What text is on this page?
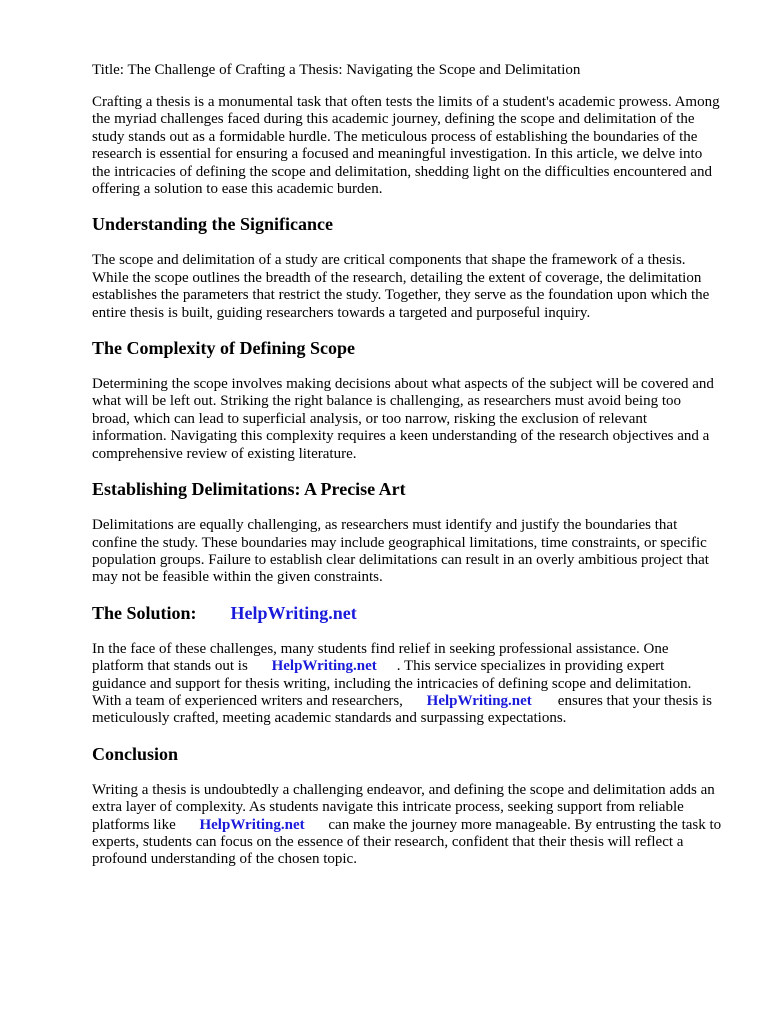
Title: The Challenge of Crafting a Thesis: Navigating the Scope and Delimitation

Crafting a thesis is a monumental task that often tests the limits of a student's academic prowess. Among the myriad challenges faced during this academic journey, defining the scope and delimitation of the study stands out as a formidable hurdle. The meticulous process of establishing the boundaries of the research is essential for ensuring a focused and meaningful investigation. In this article, we delve into the intricacies of defining the scope and delimitation, shedding light on the difficulties encountered and offering a solution to ease this academic burden.

Understanding the Significance

The scope and delimitation of a study are critical components that shape the framework of a thesis. While the scope outlines the breadth of the research, detailing the extent of coverage, the delimitation establishes the parameters that restrict the study. Together, they serve as the foundation upon which the entire thesis is built, guiding researchers towards a targeted and purposeful inquiry.

The Complexity of Defining Scope

Determining the scope involves making decisions about what aspects of the subject will be covered and what will be left out. Striking the right balance is challenging, as researchers must avoid being too broad, which can lead to superficial analysis, or too narrow, risking the exclusion of relevant information. Navigating this complexity requires a keen understanding of the research objectives and a comprehensive review of existing literature.

Establishing Delimitations: A Precise Art

Delimitations are equally challenging, as researchers must identify and justify the boundaries that confine the study. These boundaries may include geographical limitations, time constraints, or specific population groups. Failure to establish clear delimitations can result in an overly ambitious project that may not be feasible within the given constraints.

The Solution: HelpWriting.net

In the face of these challenges, many students find relief in seeking professional assistance. One platform that stands out is HelpWriting.net . This service specializes in providing expert guidance and support for thesis writing, including the intricacies of defining scope and delimitation. With a team of experienced writers and researchers, HelpWriting.net ensures that your thesis is meticulously crafted, meeting academic standards and surpassing expectations.

Conclusion

Writing a thesis is undoubtedly a challenging endeavor, and defining the scope and delimitation adds an extra layer of complexity. As students navigate this intricate process, seeking support from reliable platforms like HelpWriting.net can make the journey more manageable. By entrusting the task to experts, students can focus on the essence of their research, confident that their thesis will reflect a profound understanding of the chosen topic.
